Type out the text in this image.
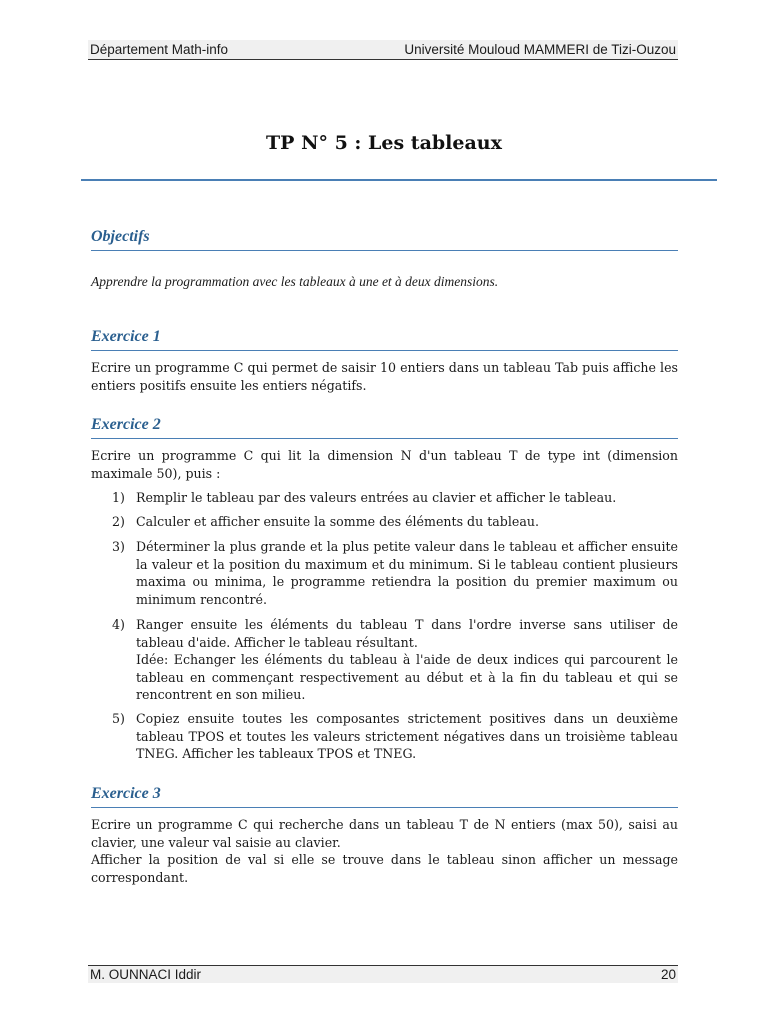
Département Math-info	Université Mouloud MAMMERI de Tizi-Ouzou
TP N° 5 : Les tableaux
Objectifs
Apprendre la programmation avec les tableaux à une et à deux dimensions.
Exercice 1
Ecrire un programme C qui permet de saisir 10 entiers dans un tableau Tab puis affiche les entiers positifs ensuite les entiers négatifs.
Exercice 2
Ecrire un programme C qui lit la dimension N d'un tableau T de type int (dimension maximale 50), puis :
1) Remplir le tableau par des valeurs entrées au clavier et afficher le tableau.
2) Calculer et afficher ensuite la somme des éléments du tableau.
3) Déterminer la plus grande et la plus petite valeur dans le tableau et afficher ensuite la valeur et la position du maximum et du minimum. Si le tableau contient plusieurs maxima ou minima, le programme retiendra la position du premier maximum ou minimum rencontré.
4) Ranger ensuite les éléments du tableau T dans l'ordre inverse sans utiliser de tableau d'aide. Afficher le tableau résultant.

Idée: Echanger les éléments du tableau à l'aide de deux indices qui parcourent le tableau en commençant respectivement au début et à la fin du tableau et qui se rencontrent en son milieu.

5) Copiez ensuite toutes les composantes strictement positives dans un deuxième tableau TPOS et toutes les valeurs strictement négatives dans un troisième tableau TNEG. Afficher les tableaux TPOS et TNEG.
Exercice 3
Ecrire un programme C qui recherche dans un tableau T de N entiers (max 50), saisi au clavier, une valeur val saisie au clavier.
Afficher la position de val si elle se trouve dans le tableau sinon afficher un message correspondant.
M. OUNNACI Iddir	20
